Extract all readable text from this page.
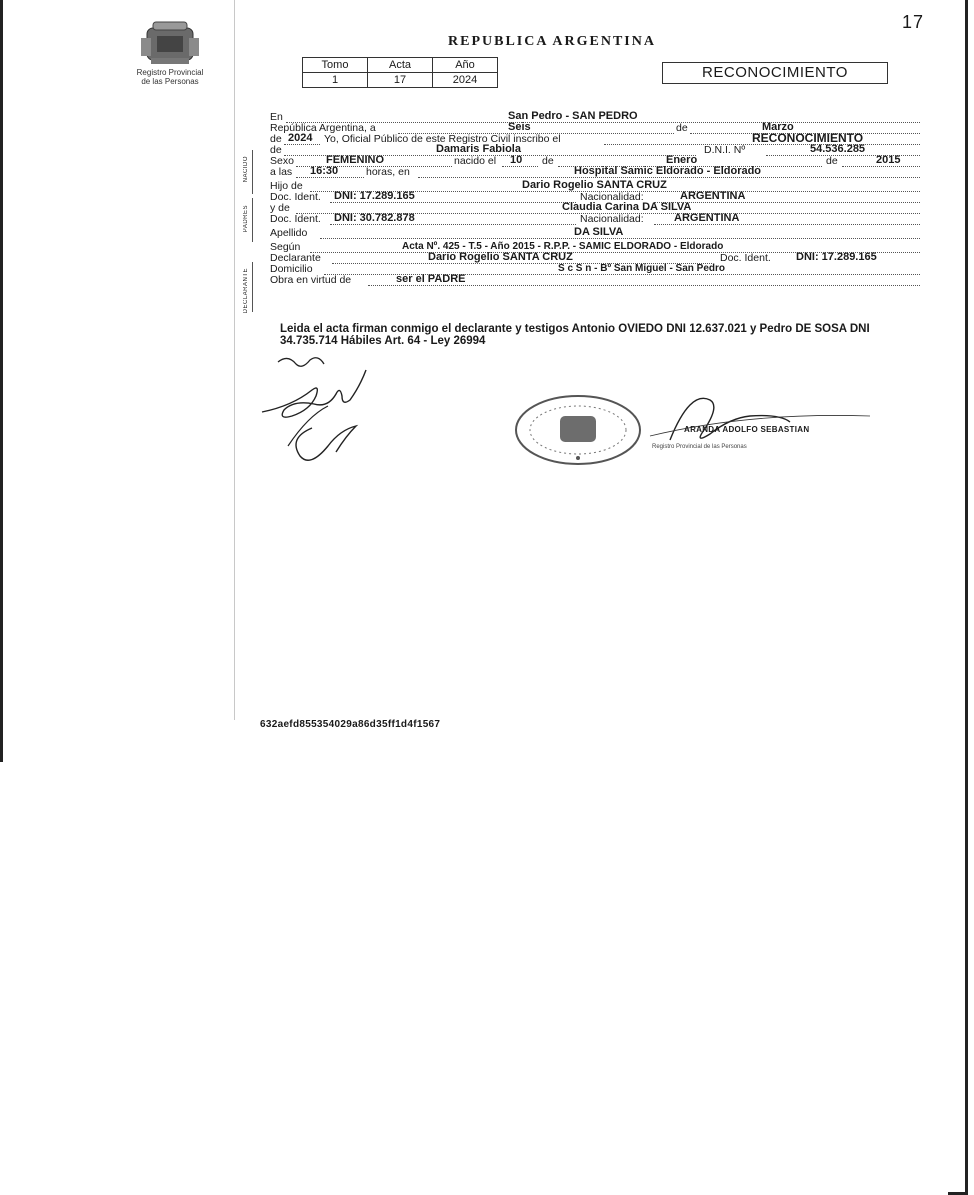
17
Registro Provincial
de las Personas
REPUBLICA ARGENTINA
Tomo	Acta	Año
1	17	2024	RECONOCIMIENTO
NACIDO
PADRES
DECLARANTE
En	San Pedro - SAN PEDRO
República Argentina, a	Seis	de	Marzo
de 2024 Yo, Oficial Público de este Registro Civil inscribo el	RECONOCIMIENTO
de	Damaris Fabiola	D.N.I. Nº	54.536.285
Sexo	FEMENINO	nacido el 10 de	Enero	de	2015
a las 16:30	horas, en	Hospital Samic Eldorado - Eldorado
Hijo de	Dario Rogelio SANTA CRUZ
Doc. Ident. DNI: 17.289.165	Nacionalidad:	ARGENTINA
y de	Claudia Carina DA SILVA
Doc. Ident. DNI: 30.782.878	Nacionalidad:	ARGENTINA
Apellido	DA SILVA
Según	Acta Nº. 425 - T.5 - Año 2015 - R.P.P. - SAMIC ELDORADO - Eldorado
Declarante	Dario Rogelio SANTA CRUZ	Doc. Ident. DNI: 17.289.165
Domicilio	S c S n - Bº San Miguel - San Pedro
Obra en virtud de	ser el PADRE
Leida el acta firman conmigo el declarante y testigos Antonio OVIEDO DNI 12.637.021 y Pedro DE SOSA DNI 34.735.714 Hábiles Art. 64 - Ley 26994
ARANDA ADOLFO SEBASTIAN
Registro Provincial de las Personas
632aefd855354029a86d35ff1d4f1567
